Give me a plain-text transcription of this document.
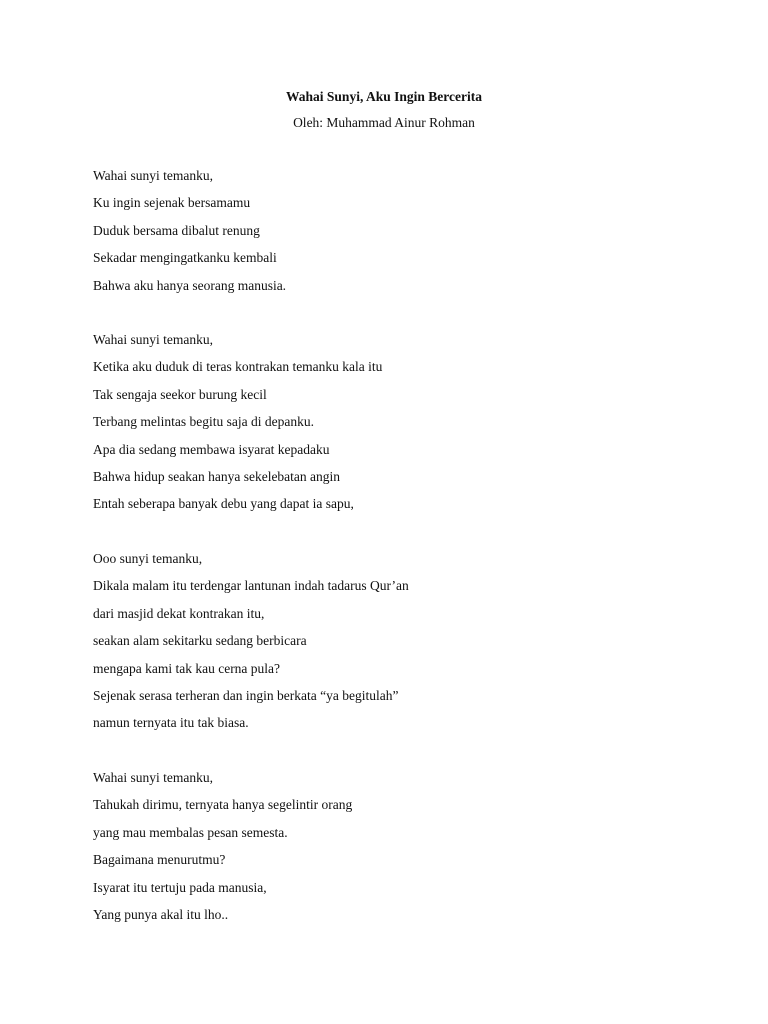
Wahai Sunyi, Aku Ingin Bercerita
Oleh: Muhammad Ainur Rohman
Wahai sunyi temanku,
Ku ingin sejenak bersamamu
Duduk bersama dibalut renung
Sekadar mengingatkanku kembali
Bahwa aku hanya seorang manusia.
Wahai sunyi temanku,
Ketika aku duduk di teras kontrakan temanku kala itu
Tak sengaja seekor burung kecil
Terbang melintas begitu saja di depanku.
Apa dia sedang membawa isyarat kepadaku
Bahwa hidup seakan hanya sekelebatan angin
Entah seberapa banyak debu yang dapat ia sapu,
Ooo sunyi temanku,
Dikala malam itu terdengar lantunan indah tadarus Qur’an
dari masjid dekat kontrakan itu,
seakan alam sekitarku sedang berbicara
mengapa kami tak kau cerna pula?
Sejenak serasa terheran dan ingin berkata “ya begitulah”
namun ternyata itu tak biasa.
Wahai sunyi temanku,
Tahukah dirimu, ternyata hanya segelintir orang
yang mau membalas pesan semesta.
Bagaimana menurutmu?
Isyarat itu tertuju pada manusia,
Yang punya akal itu lho..
